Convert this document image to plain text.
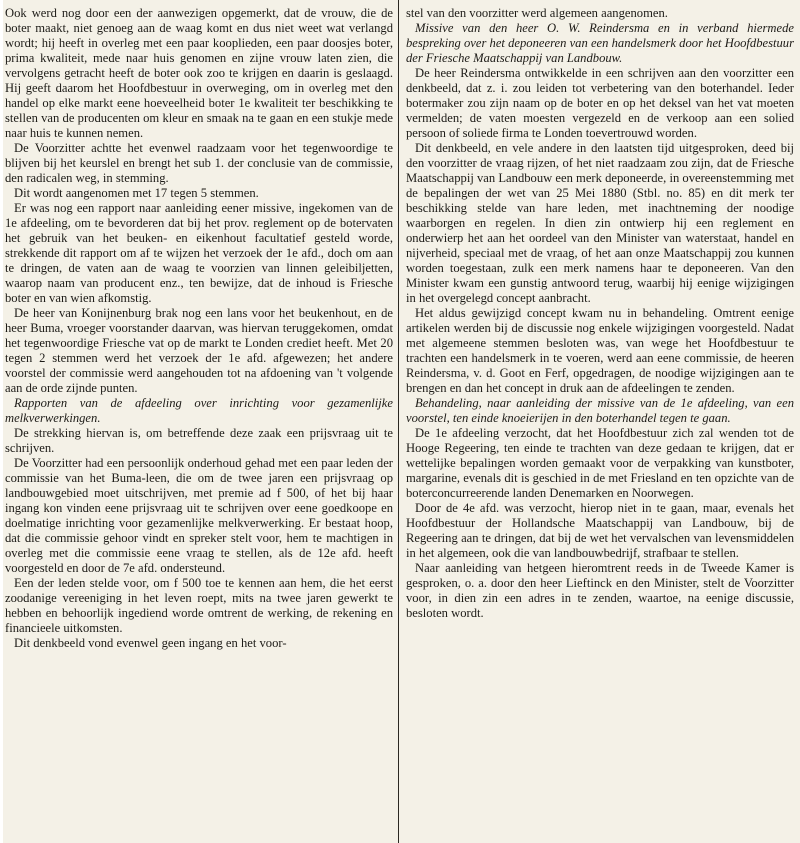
Ook werd nog door een der aanwezigen opgemerkt, dat de vrouw, die de boter maakt, niet genoeg aan de waag komt en dus niet weet wat verlangd wordt; hij heeft in overleg met een paar kooplieden, een paar doosjes boter, prima kwaliteit, mede naar huis genomen en zijne vrouw laten zien, die vervolgens getracht heeft de boter ook zoo te krijgen en daarin is geslaagd. Hij geeft daarom het Hoofdbestuur in overweging, om in overleg met den handel op elke markt eene hoeveelheid boter 1e kwaliteit ter beschikking te stellen van de producenten om kleur en smaak na te gaan en een stukje mede naar huis te kunnen nemen.

De Voorzitter achtte het evenwel raadzaam voor het tegenwoordige te blijven bij het keurslel en brengt het sub 1. der conclusie van de commissie, den radicalen weg, in stemming.

Dit wordt aangenomen met 17 tegen 5 stemmen.

Er was nog een rapport naar aanleiding eener missive, ingekomen van de 1e afdeeling, om te bevorderen dat bij het prov. reglement op de botervaten het gebruik van het beuken- en eikenhout facultatief gesteld worde, strekkende dit rapport om af te wijzen het verzoek der 1e afd., doch om aan te dringen, de vaten aan de waag te voorzien van linnen geleibiljetten, waarop naam van producent enz., ten bewijze, dat de inhoud is Friesche boter en van wien afkomstig.

De heer van Konijnenburg brak nog een lans voor het beukenhout, en de heer Buma, vroeger voorstander daarvan, was hiervan teruggekomen, omdat het tegenwoordige Friesche vat op de markt te Londen crediet heeft. Met 20 tegen 2 stemmen werd het verzoek der 1e afd. afgewezen; het andere voorstel der commissie werd aangehouden tot na afdoening van 't volgende aan de orde zijnde punten.

Rapporten van de afdeeling over inrichting voor gezamenlijke melkverwerkingen.

De strekking hiervan is, om betreffende deze zaak een prijsvraag uit te schrijven.

De Voorzitter had een persoonlijk onderhoud gehad met een paar leden der commissie van het Buma-leen, die om de twee jaren een prijsvraag op landbouwgebied moet uitschrijven, met premie ad f 500, of het bij haar ingang kon vinden eene prijsvraag uit te schrijven over eene goedkoope en doelmatige inrichting voor gezamenlijke melkverwerking. Er bestaat hoop, dat die commissie gehoor vindt en spreker stelt voor, hem te machtigen in overleg met die commissie eene vraag te stellen, als de 12e afd. heeft voorgesteld en door de 7e afd. ondersteund.

Een der leden stelde voor, om f 500 toe te kennen aan hem, die het eerst zoodanige vereeniging in het leven roept, mits na twee jaren gewerkt te hebben en behoorlijk ingediend worde omtrent de werking, de rekening en financieele uitkomsten.

Dit denkbeeld vond evenwel geen ingang en het voor-

stel van den voorzitter werd algemeen aangenomen.

Missive van den heer O. W. Reindersma en in verband hiermede bespreking over het deponeeren van een handelsmerk door het Hoofdbestuur der Friesche Maatschappij van Landbouw.

De heer Reindersma ontwikkelde in een schrijven aan den voorzitter een denkbeeld, dat z. i. zou leiden tot verbetering van den boterhandel. Ieder botermaker zou zijn naam op de boter en op het deksel van het vat moeten vermelden; de vaten moesten vergezeld en de verkoop aan een solied persoon of soliede firma te Londen toevertrouwd worden.

Dit denkbeeld, en vele andere in den laatsten tijd uitgesproken, deed bij den voorzitter de vraag rijzen, of het niet raadzaam zou zijn, dat de Friesche Maatschappij van Landbouw een merk deponeerde, in overeenstemming met de bepalingen der wet van 25 Mei 1880 (Stbl. no. 85) en dit merk ter beschikking stelde van hare leden, met inachtneming der noodige waarborgen en regelen. In dien zin ontwierp hij een reglement en onderwierp het aan het oordeel van den Minister van waterstaat, handel en nijverheid, speciaal met de vraag, of het aan onze Maatschappij zou kunnen worden toegestaan, zulk een merk namens haar te deponeeren. Van den Minister kwam een gunstig antwoord terug, waarbij hij eenige wijzigingen in het overgelegd concept aanbracht.

Het aldus gewijzigd concept kwam nu in behandeling. Omtrent eenige artikelen werden bij de discussie nog enkele wijzigingen voorgesteld. Nadat met algemeene stemmen besloten was, van wege het Hoofdbestuur te trachten een handelsmerk in te voeren, werd aan eene commissie, de heeren Reindersma, v. d. Goot en Ferf, opgedragen, de noodige wijzigingen aan te brengen en dan het concept in druk aan de afdeelingen te zenden.

Behandeling, naar aanleiding der missive van de 1e afdeeling, van een voorstel, ten einde knoeierijen in den boterhandel tegen te gaan.

De 1e afdeeling verzocht, dat het Hoofdbestuur zich zal wenden tot de Hooge Regeering, ten einde te trachten van deze gedaan te krijgen, dat er wettelijke bepalingen worden gemaakt voor de verpakking van kunstboter, margarine, evenals dit is geschied in de met Friesland en ten opzichte van de boterconcurreerende landen Denemarken en Noorwegen.

Door de 4e afd. was verzocht, hierop niet in te gaan, maar, evenals het Hoofdbestuur der Hollandsche Maatschappij van Landbouw, bij de Regeering aan te dringen, dat bij de wet het vervalschen van levensmiddelen in het algemeen, ook die van landbouwbedrijf, strafbaar te stellen.

Naar aanleiding van hetgeen hieromtrent reeds in de Tweede Kamer is gesproken, o. a. door den heer Lieftinck en den Minister, stelt de Voorzitter voor, in dien zin een adres in te zenden, waartoe, na eenige discussie, besloten wordt.
